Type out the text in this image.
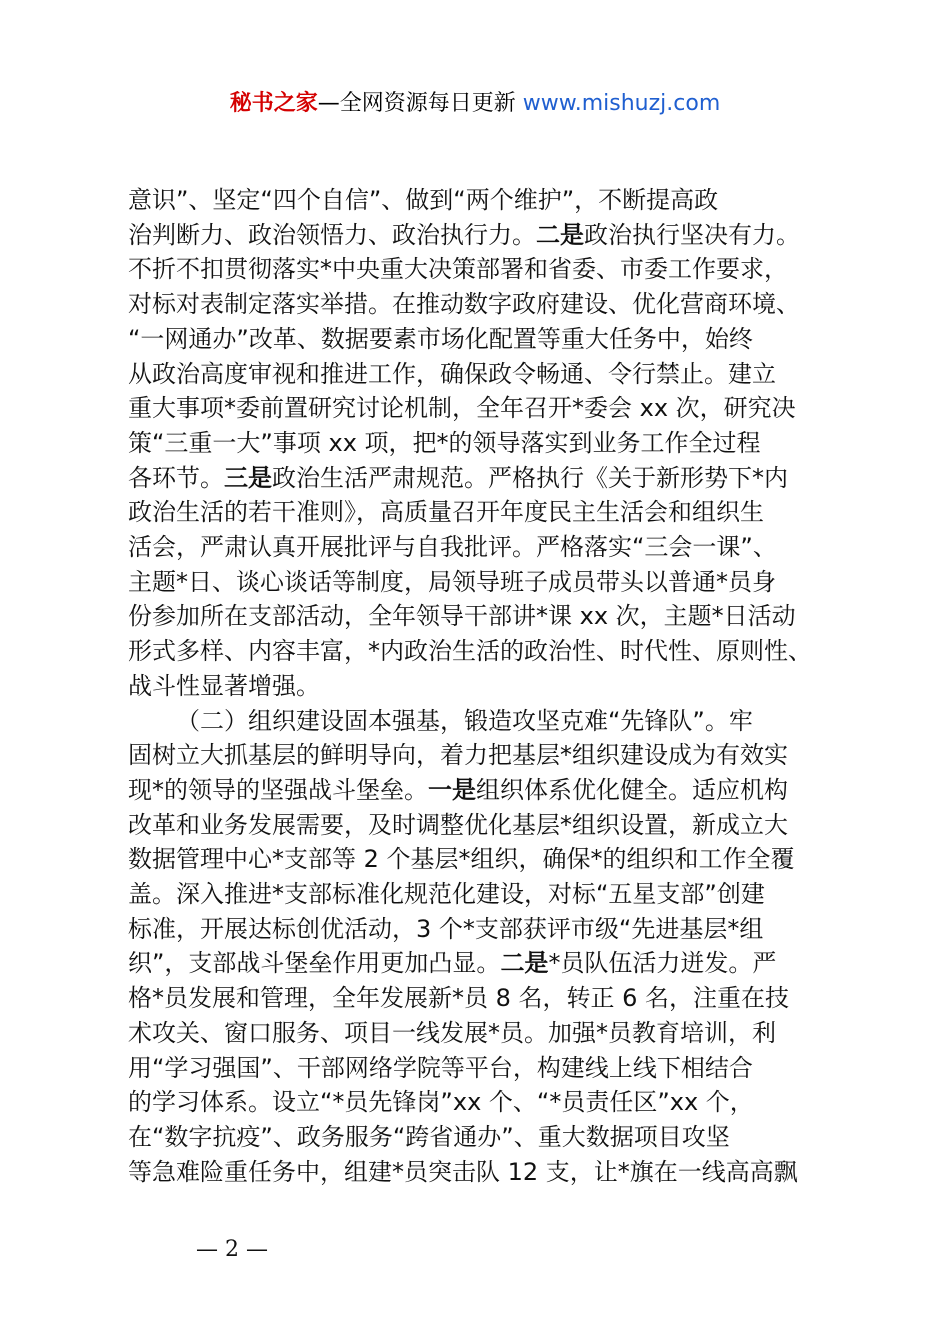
秘书之家—全网资源每日更新 www.mishuzj.com
意识”、坚定“四个自信”、做到“两个维护”，不断提高政
治判断力、政治领悟力、政治执行力。二是政治执行坚决有力。
不折不扣贯彻落实*中央重大决策部署和省委、市委工作要求，
对标对表制定落实举措。在推动数字政府建设、优化营商环境、
“一网通办”改革、数据要素市场化配置等重大任务中，始终
从政治高度审视和推进工作，确保政令畅通、令行禁止。建立
重大事项*委前置研究讨论机制，全年召开*委会 xx 次，研究决
策“三重一大”事项 xx 项，把*的领导落实到业务工作全过程
各环节。三是政治生活严肃规范。严格执行《关于新形势下*内
政治生活的若干准则》，高质量召开年度民主生活会和组织生
活会，严肃认真开展批评与自我批评。严格落实“三会一课”、
主题*日、谈心谈话等制度，局领导班子成员带头以普通*员身
份参加所在支部活动，全年领导干部讲*课 xx 次，主题*日活动
形式多样、内容丰富，*内政治生活的政治性、时代性、原则性、
战斗性显著增强。
（二）组织建设固本强基，锻造攻坚克难“先锋队”。牢
固树立大抓基层的鲜明导向，着力把基层*组织建设成为有效实
现*的领导的坚强战斗堡垒。一是组织体系优化健全。适应机构
改革和业务发展需要，及时调整优化基层*组织设置，新成立大
数据管理中心*支部等 2 个基层*组织，确保*的组织和工作全覆
盖。深入推进*支部标准化规范化建设，对标“五星支部”创建
标准，开展达标创优活动，3 个*支部获评市级“先进基层*组
织”，支部战斗堡垒作用更加凸显。二是*员队伍活力迸发。严
格*员发展和管理，全年发展新*员 8 名，转正 6 名，注重在技
术攻关、窗口服务、项目一线发展*员。加强*员教育培训，利
用“学习强国”、干部网络学院等平台，构建线上线下相结合
的学习体系。设立“*员先锋岗”xx 个、“*员责任区”xx 个，
在“数字抗疫”、政务服务“跨省通办”、重大数据项目攻坚
等急难险重任务中，组建*员突击队 12 支，让*旗在一线高高飘
— 2 —
